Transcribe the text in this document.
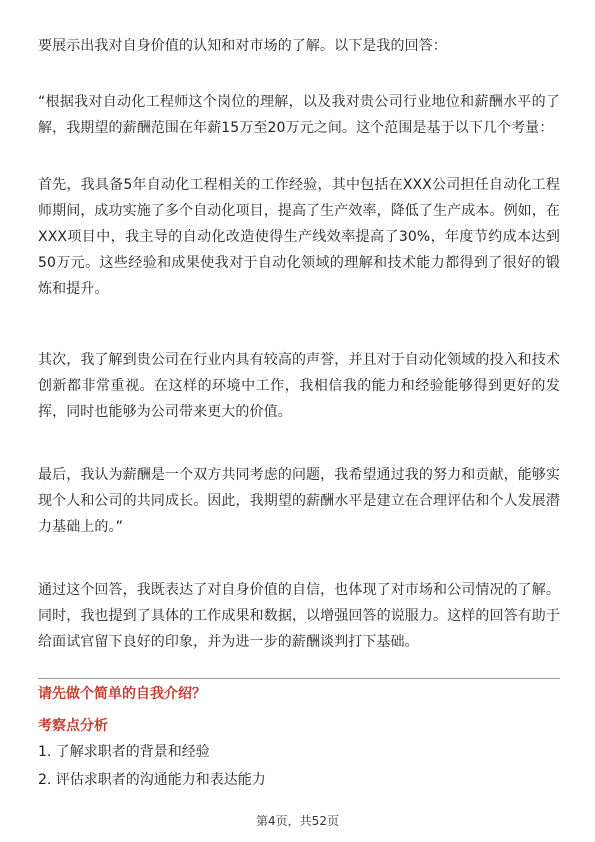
要展示出我对自身价值的认知和对市场的了解。以下是我的回答：

“根据我对自动化工程师这个岗位的理解，以及我对贵公司行业地位和薪酬水平的了解，我期望的薪酬范围在年薪15万至20万元之间。这个范围是基于以下几个考量：

首先，我具备5年自动化工程相关的工作经验，其中包括在XXX公司担任自动化工程师期间，成功实施了多个自动化项目，提高了生产效率，降低了生产成本。例如，在XXX项目中，我主导的自动化改造使得生产线效率提高了30%，年度节约成本达到50万元。这些经验和成果使我对于自动化领域的理解和技术能力都得到了很好的锻炼和提升。

其次，我了解到贵公司在行业内具有较高的声誉，并且对于自动化领域的投入和技术创新都非常重视。在这样的环境中工作，我相信我的能力和经验能够得到更好的发挥，同时也能够为公司带来更大的价值。

最后，我认为薪酬是一个双方共同考虑的问题，我希望通过我的努力和贡献，能够实现个人和公司的共同成长。因此，我期望的薪酬水平是建立在合理评估和个人发展潜力基础上的。”

通过这个回答，我既表达了对自身价值的自信，也体现了对市场和公司情况的了解。同时，我也提到了具体的工作成果和数据，以增强回答的说服力。这样的回答有助于给面试官留下良好的印象，并为进一步的薪酬谈判打下基础。

请先做个简单的自我介绍？
考察点分析
1. 了解求职者的背景和经验
2. 评估求职者的沟通能力和表达能力
第4页，共52页
